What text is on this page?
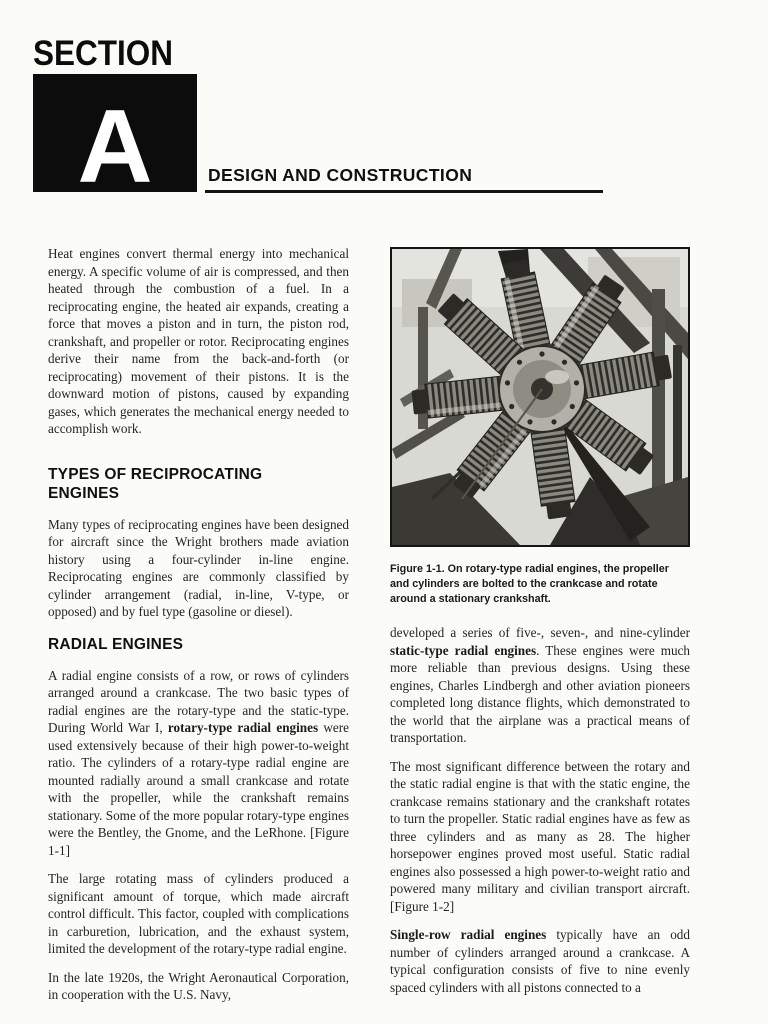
SECTION
A	DESIGN AND CONSTRUCTION

Heat engines convert thermal energy into mechanical energy. A specific volume of air is compressed, and then heated through the combustion of a fuel. In a reciprocating engine, the heated air expands, creating a force that moves a piston and in turn, the piston rod, crankshaft, and propeller or rotor. Reciprocating engines derive their name from the back-and-forth (or reciprocating) movement of their pistons. It is the downward motion of pistons, caused by expanding gases, which generates the mechanical energy needed to accomplish work.

TYPES OF RECIPROCATING ENGINES

Many types of reciprocating engines have been designed for aircraft since the Wright brothers made aviation history using a four-cylinder in-line engine. Reciprocating engines are commonly classified by cylinder arrangement (radial, in-line, V-type, or opposed) and by fuel type (gasoline or diesel).

RADIAL ENGINES

A radial engine consists of a row, or rows of cylinders arranged around a crankcase. The two basic types of radial engines are the rotary-type and the static-type. During World War I, rotary-type radial engines were used extensively because of their high power-to-weight ratio. The cylinders of a rotary-type radial engine are mounted radially around a small crankcase and rotate with the propeller, while the crankshaft remains stationary. Some of the more popular rotary-type engines were the Bentley, the Gnome, and the LeRhone. [Figure 1-1]

The large rotating mass of cylinders produced a significant amount of torque, which made aircraft control difficult. This factor, coupled with complications in carburetion, lubrication, and the exhaust system, limited the development of the rotary-type radial engine.

In the late 1920s, the Wright Aeronautical Corporation, in cooperation with the U.S. Navy,

Figure 1-1. On rotary-type radial engines, the propeller and cylinders are bolted to the crankcase and rotate around a stationary crankshaft.

developed a series of five-, seven-, and nine-cylinder static-type radial engines. These engines were much more reliable than previous designs. Using these engines, Charles Lindbergh and other aviation pioneers completed long distance flights, which demonstrated to the world that the airplane was a practical means of transportation.

The most significant difference between the rotary and the static radial engine is that with the static engine, the crankcase remains stationary and the crankshaft rotates to turn the propeller. Static radial engines have as few as three cylinders and as many as 28. The higher horsepower engines proved most useful. Static radial engines also possessed a high power-to-weight ratio and powered many military and civilian transport aircraft. [Figure 1-2]

Single-row radial engines typically have an odd number of cylinders arranged around a crankcase. A typical configuration consists of five to nine evenly spaced cylinders with all pistons connected to a
